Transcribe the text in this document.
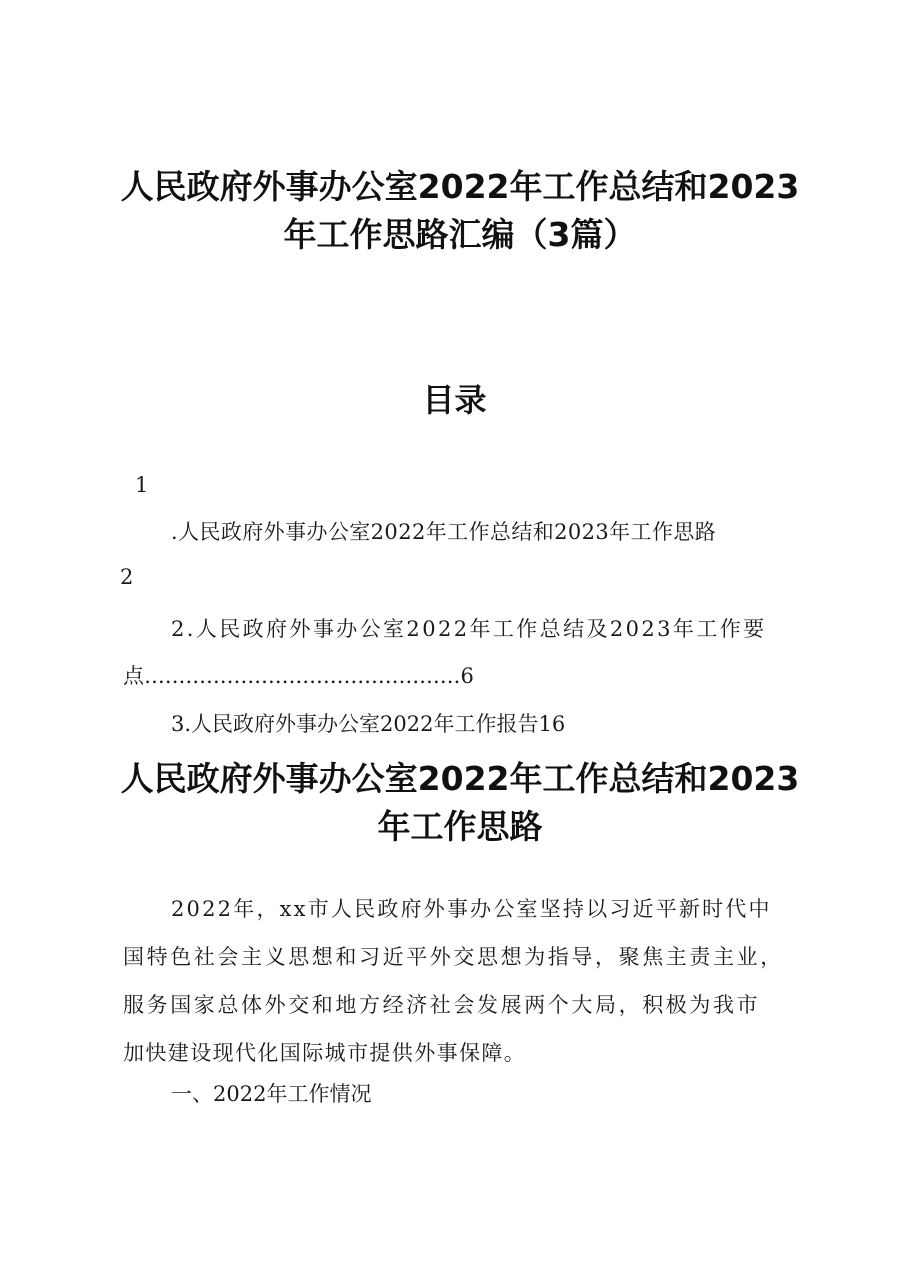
人民政府外事办公室2022年工作总结和2023
年工作思路汇编（3篇）
目录
1
.人民政府外事办公室2022年工作总结和2023年工作思路
2
2.人民政府外事办公室2022年工作总结及2023年工作要
点..............................................6
3.人民政府外事办公室2022年工作报告16
人民政府外事办公室2022年工作总结和2023
年工作思路
2022年，xx市人民政府外事办公室坚持以习近平新时代中
国特色社会主义思想和习近平外交思想为指导，聚焦主责主业，
服务国家总体外交和地方经济社会发展两个大局，积极为我市
加快建设现代化国际城市提供外事保障。
一、2022年工作情况
